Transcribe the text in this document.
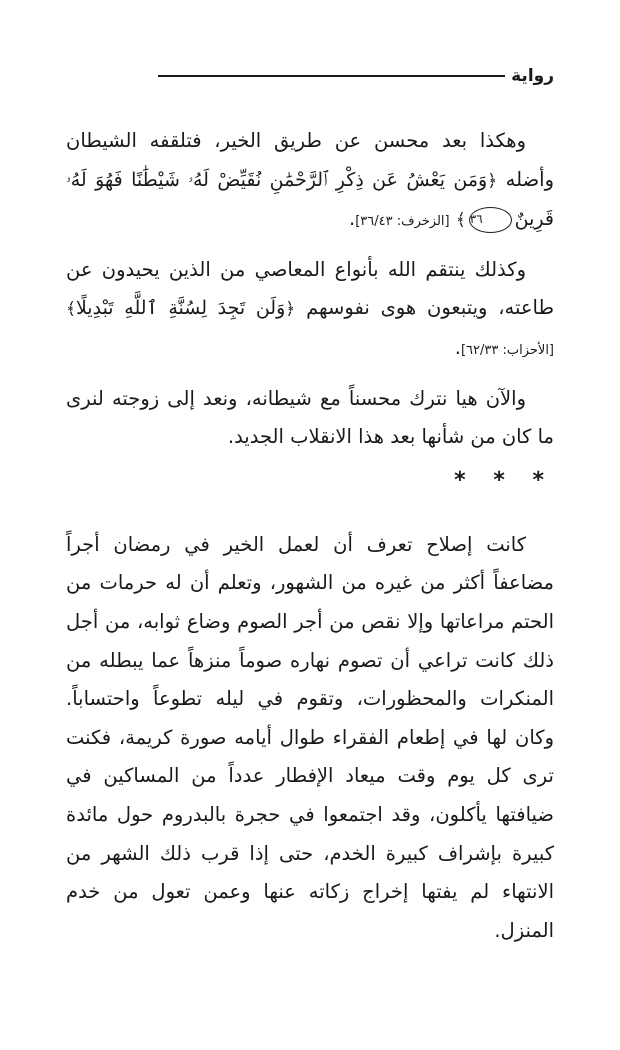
رواية

وهكذا بعد محسن عن طريق الخير، فتلقفه الشيطان وأضله ﴿وَمَن يَعْشُ عَن ذِكْرِ ٱلرَّحْمَٰنِ نُقَيِّضْ لَهُۥ شَيْطَٰنًا فَهُوَ لَهُۥ قَرِينٌ٣٦﴾ [الزخرف: ٣٦/٤٣].

وكذلك ينتقم الله بأنواع المعاصي من الذين يحيدون عن طاعته، ويتبعون هوى نفوسهم ﴿وَلَن تَجِدَ لِسُنَّةِ ٱللَّهِ تَبْدِيلًا﴾ [الأحزاب: ٦٢/٣٣].

والآن هيا نترك محسناً مع شيطانه، ونعد إلى زوجته لنرى ما كان من شأنها بعد هذا الانقلاب الجديد.

* * *

كانت إصلاح تعرف أن لعمل الخير في رمضان أجراً مضاعفاً أكثر من غيره من الشهور، وتعلم أن له حرمات من الحتم مراعاتها وإلا نقص من أجر الصوم وضاع ثوابه، من أجل ذلك كانت تراعي أن تصوم نهاره صوماً منزهاً عما يبطله من المنكرات والمحظورات، وتقوم في ليله تطوعاً واحتساباً. وكان لها في إطعام الفقراء طوال أيامه صورة كريمة، فكنت ترى كل يوم وقت ميعاد الإفطار عدداً من المساكين في ضيافتها يأكلون، وقد اجتمعوا في حجرة بالبدروم حول مائدة كبيرة بإشراف كبيرة الخدم، حتى إذا قرب ذلك الشهر من الانتهاء لم يفتها إخراج زكاته عنها وعمن تعول من خدم المنزل.
